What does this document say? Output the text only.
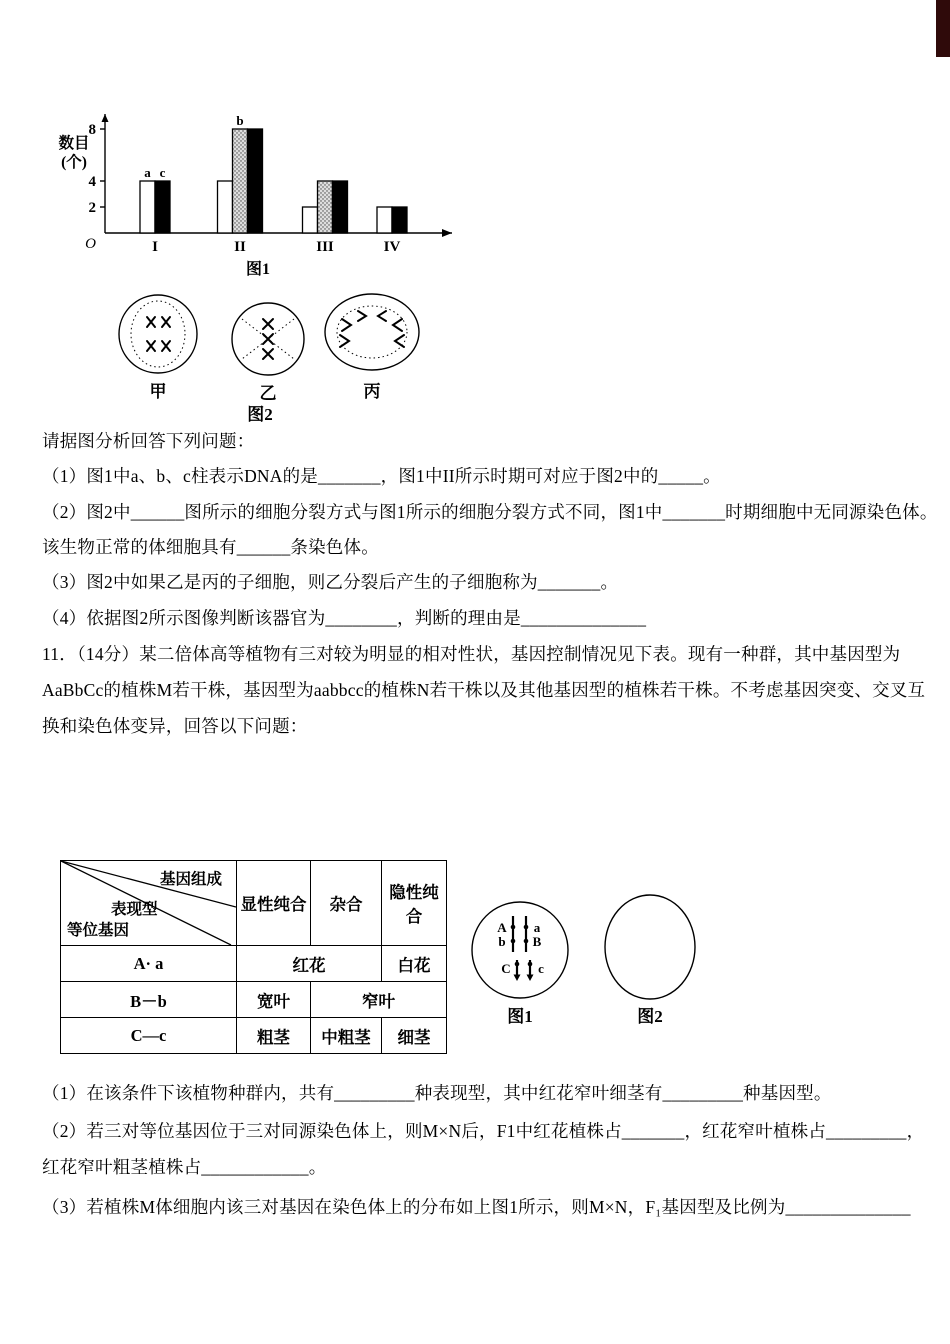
2
4
8
O
数目
(个)
I	II	III	IV
图1
a c
b
甲	乙	丙
图2
请据图分析回答下列问题：
（1）图1中a、b、c柱表示DNA的是_______，图1中II所示时期可对应于图2中的_____。
（2）图2中______图所示的细胞分裂方式与图1所示的细胞分裂方式不同，图1中_______时期细胞中无同源染色体。
该生物正常的体细胞具有______条染色体。
（3）图2中如果乙是丙的子细胞，则乙分裂后产生的子细胞称为_______。
（4）依据图2所示图像判断该器官为________，判断的理由是______________
11．（14分）某二倍体高等植物有三对较为明显的相对性状，基因控制情况见下表。现有一种群，其中基因型为
AaBbCc的植株M若干株，基因型为aabbcc的植株N若干株以及其他基因型的植株若干株。不考虑基因突变、交叉互
换和染色体变异，回答以下问题：
基因组成
表现型
等位基因	显性纯合	杂合	隐性纯合
A· a	红花		白花
B－b	宽叶	窄叶	
C—c	粗茎	中粗茎	细茎
A a
b B
C c
图1	图2
（1）在该条件下该植物种群内，共有_________种表现型，其中红花窄叶细茎有_________种基因型。
（2）若三对等位基因位于三对同源染色体上，则M×N后，F1中红花植株占_______，红花窄叶植株占_________，
红花窄叶粗茎植株占____________。
（3）若植株M体细胞内该三对基因在染色体上的分布如上图1所示，则M×N，F₁基因型及比例为______________
